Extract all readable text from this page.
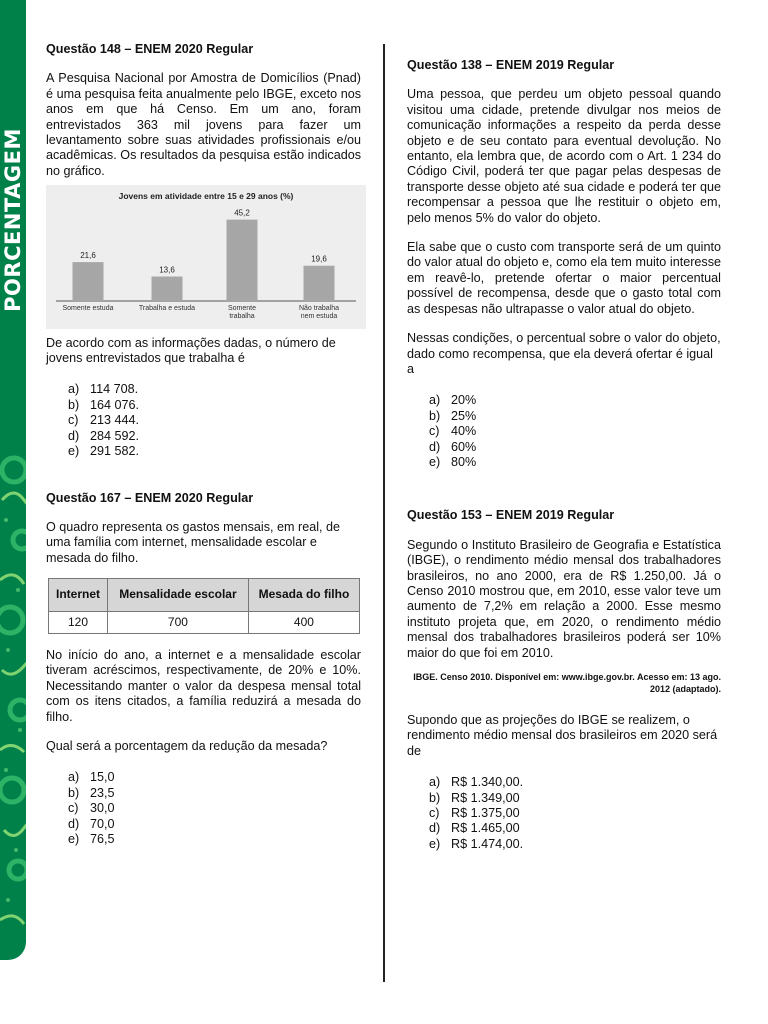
PORCENTAGEM
Questão 148 – ENEM 2020 Regular

A Pesquisa Nacional por Amostra de Domicílios (Pnad) é uma pesquisa feita anualmente pelo IBGE, exceto nos anos em que há Censo. Em um ano, foram entrevistados 363 mil jovens para fazer um levantamento sobre suas atividades profissionais e/ou acadêmicas. Os resultados da pesquisa estão indicados no gráfico.

Jovens em atividade entre 15 e 29 anos (%)
21,6
Somente estuda
13,6
Trabalha e estuda
45,2
Somente trabalha
19,6
Não trabalha nem estuda

De acordo com as informações dadas, o número de jovens entrevistados que trabalha é

a) 114 708.
b) 164 076.
c) 213 444.
d) 284 592.
e) 291 582.
Questão 167 – ENEM 2020 Regular

O quadro representa os gastos mensais, em real, de uma família com internet, mensalidade escolar e mesada do filho.

Internet	Mensalidade escolar	Mesada do filho
120	700	400

No início do ano, a internet e a mensalidade escolar tiveram acréscimos, respectivamente, de 20% e 10%. Necessitando manter o valor da despesa mensal total com os itens citados, a família reduzirá a mesada do filho.

Qual será a porcentagem da redução da mesada?

a) 15,0
b) 23,5
c) 30,0
d) 70,0
e) 76,5
Questão 138 – ENEM 2019 Regular

Uma pessoa, que perdeu um objeto pessoal quando visitou uma cidade, pretende divulgar nos meios de comunicação informações a respeito da perda desse objeto e de seu contato para eventual devolução. No entanto, ela lembra que, de acordo com o Art. 1 234 do Código Civil, poderá ter que pagar pelas despesas de transporte desse objeto até sua cidade e poderá ter que recompensar a pessoa que lhe restituir o objeto em, pelo menos 5% do valor do objeto.

Ela sabe que o custo com transporte será de um quinto do valor atual do objeto e, como ela tem muito interesse em reavê-lo, pretende ofertar o maior percentual possível de recompensa, desde que o gasto total com as despesas não ultrapasse o valor atual do objeto.

Nessas condições, o percentual sobre o valor do objeto, dado como recompensa, que ela deverá ofertar é igual a

a) 20%
b) 25%
c) 40%
d) 60%
e) 80%
Questão 153 – ENEM 2019 Regular

Segundo o Instituto Brasileiro de Geografia e Estatística (IBGE), o rendimento médio mensal dos trabalhadores brasileiros, no ano 2000, era de R$ 1.250,00. Já o Censo 2010 mostrou que, em 2010, esse valor teve um aumento de 7,2% em relação a 2000. Esse mesmo instituto projeta que, em 2020, o rendimento médio mensal dos trabalhadores brasileiros poderá ser 10% maior do que foi em 2010.

IBGE. Censo 2010. Disponível em: www.ibge.gov.br. Acesso em: 13 ago. 2012 (adaptado).

Supondo que as projeções do IBGE se realizem, o rendimento médio mensal dos brasileiros em 2020 será de

a) R$ 1.340,00.
b) R$ 1.349,00
c) R$ 1.375,00
d) R$ 1.465,00
e) R$ 1.474,00.
